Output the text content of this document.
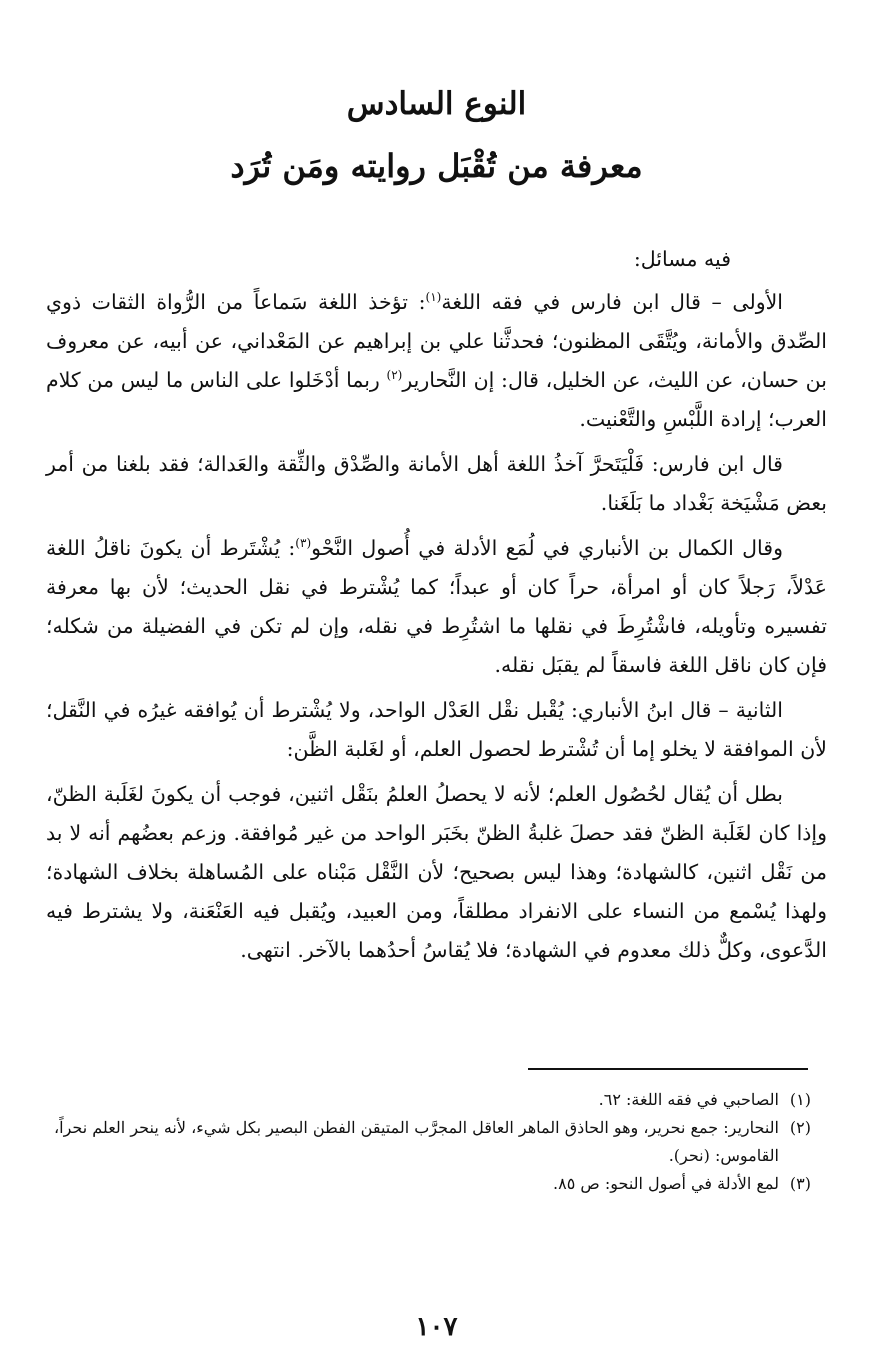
النوع السادس
معرفة من تُقْبَل روايته ومَن تُرَد

فيه مسائل:

الأولى – قال ابن فارس في فقه اللغة$^{(١)}$: تؤخذ اللغة سَماعاً من الرُّواة الثقات ذوي الصِّدق والأمانة، ويُتَّقَى المظنون؛ فحدثَّنا علي بن إبراهيم عن المَعْداني، عن أبيه، عن معروف بن حسان، عن الليث، عن الخليل، قال: إن النَّحارير$^{(٢)}$ ربما أدْخَلوا على الناس ما ليس من كلام العرب؛ إرادة اللَّبْسِ والتَّعْنيت.

قال ابن فارس: فَلْيَتَحرَّ آخذُ اللغة أهل الأمانة والصِّدْق والثِّقة والعَدالة؛ فقد بلغنا من أمر بعض مَشْيَخة بَغْداد ما بَلَغَنا.

وقال الكمال بن الأنباري في لُمَع الأدلة في أُصول النَّحْو$^{(٣)}$: يُشْتَرط أن يكونَ ناقلُ اللغة عَدْلاً، رَجلاً كان أو امرأة، حراً كان أو عبداً؛ كما يُشْترط في نقل الحديث؛ لأن بها معرفة تفسيره وتأويله، فاشْتُرِطَ في نقلها ما اشتُرِط في نقله، وإن لم تكن في الفضيلة من شكله؛ فإن كان ناقل اللغة فاسقاً لم يقبَل نقله.

الثانية – قال ابنُ الأنباري: يُقْبل نقْل العَدْل الواحد، ولا يُشْترط أن يُوافقه غيرُه في النَّقل؛ لأن الموافقة لا يخلو إما أن تُشْترط لحصول العلم، أو لغَلبة الظَّن:

بطل أن يُقال لحُصُول العلم؛ لأنه لا يحصلُ العلمُ بنَقْل اثنين، فوجب أن يكونَ لغَلَبة الظنّ، وإذا كان لغَلَبة الظنّ فقد حصلَ غلبةُ الظنّ بخَبَر الواحد من غير مُوافقة. وزعم بعضُهم أنه لا بد من نَقْل اثنين، كالشهادة؛ وهذا ليس بصحيح؛ لأن النَّقْل مَبْناه على المُساهلة بخلاف الشهادة؛ ولهذا يُسْمع من النساء على الانفراد مطلقاً، ومن العبيد، ويُقبل فيه العَنْعَنة، ولا يشترط فيه الدَّعوى، وكلٌّ ذلك معدوم في الشهادة؛ فلا يُقاسُ أحدُهما بالآخر. انتهى.

(١)
الصاحبي في فقه اللغة: ٦٢.
(٢)
النحارير: جمع نحرير، وهو الحاذق الماهر العاقل المجرَّب المتيقن الفطن البصير بكل شيء، لأنه ينحر العلم نحراً، القاموس: (نحر).
(٣)
لمع الأدلة في أصول النحو: ص ٨٥.
١٠٧
